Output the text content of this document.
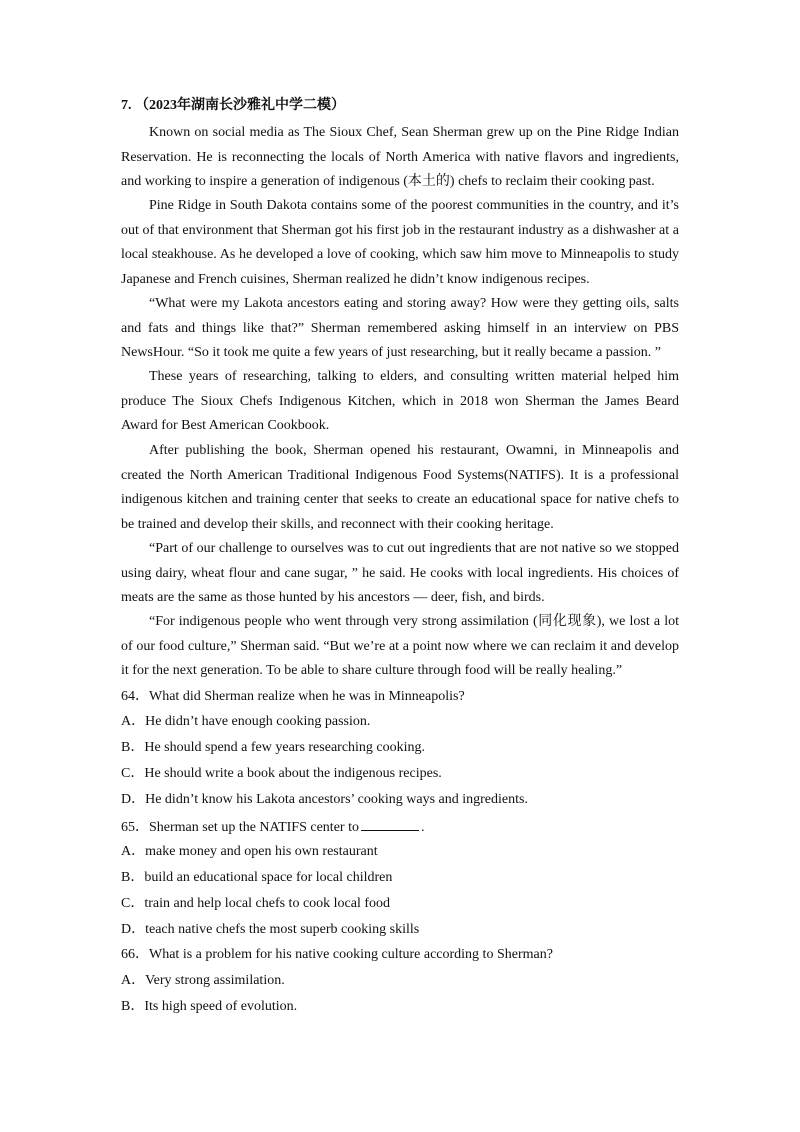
7. （2023年湖南长沙雅礼中学二模）

Known on social media as The Sioux Chef, Sean Sherman grew up on the Pine Ridge Indian Reservation. He is reconnecting the locals of North America with native flavors and ingredients, and working to inspire a generation of indigenous (本土的) chefs to reclaim their cooking past.

Pine Ridge in South Dakota contains some of the poorest communities in the country, and it’s out of that environment that Sherman got his first job in the restaurant industry as a dishwasher at a local steakhouse. As he developed a love of cooking, which saw him move to Minneapolis to study Japanese and French cuisines, Sherman realized he didn’t know indigenous recipes.

“What were my Lakota ancestors eating and storing away? How were they getting oils, salts and fats and things like that?” Sherman remembered asking himself in an interview on PBS NewsHour. “So it took me quite a few years of just researching, but it really became a passion. ”

These years of researching, talking to elders, and consulting written material helped him produce The Sioux Chefs Indigenous Kitchen, which in 2018 won Sherman the James Beard Award for Best American Cookbook.

After publishing the book, Sherman opened his restaurant, Owamni, in Minneapolis and created the North American Traditional Indigenous Food Systems(NATIFS). It is a professional indigenous kitchen and training center that seeks to create an educational space for native chefs to be trained and develop their skills, and reconnect with their cooking heritage.

“Part of our challenge to ourselves was to cut out ingredients that are not native so we stopped using dairy, wheat flour and cane sugar, ” he said. He cooks with local ingredients. His choices of meats are the same as those hunted by his ancestors — deer, fish, and birds.

“For indigenous people who went through very strong assimilation (同化现象), we lost a lot of our food culture,” Sherman said. “But we’re at a point now where we can reclaim it and develop it for the next generation. To be able to share culture through food will be really healing.”

64．What did Sherman realize when he was in Minneapolis?

A．He didn’t have enough cooking passion.

B．He should spend a few years researching cooking.

C．He should write a book about the indigenous recipes.

D．He didn’t know his Lakota ancestors’ cooking ways and ingredients.

65．Sherman set up the NATIFS center to	.

A．make money and open his own restaurant

B．build an educational space for local children

C．train and help local chefs to cook local food

D．teach native chefs the most superb cooking skills

66．What is a problem for his native cooking culture according to Sherman?

A．Very strong assimilation.

B．Its high speed of evolution.
